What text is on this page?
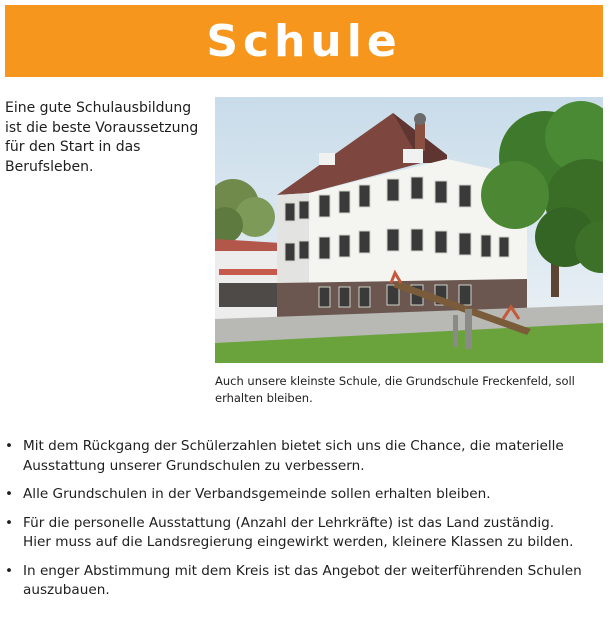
Schule
Eine gute Schulausbildung
ist die beste Voraussetzung
für den Start in das
Berufsleben.
Auch unsere kleinste Schule, die Grundschule Freckenfeld, soll
erhalten bleiben.
• Mit dem Rückgang der Schülerzahlen bietet sich uns die Chance, die materielle
Ausstattung unserer Grundschulen zu verbessern.
• Alle Grundschulen in der Verbandsgemeinde sollen erhalten bleiben.
• Für die personelle Ausstattung (Anzahl der Lehrkräfte) ist das Land zuständig.
Hier muss auf die Landsregierung eingewirkt werden, kleinere Klassen zu bilden.
• In enger Abstimmung mit dem Kreis ist das Angebot der weiterführenden Schulen
auszubauen.
